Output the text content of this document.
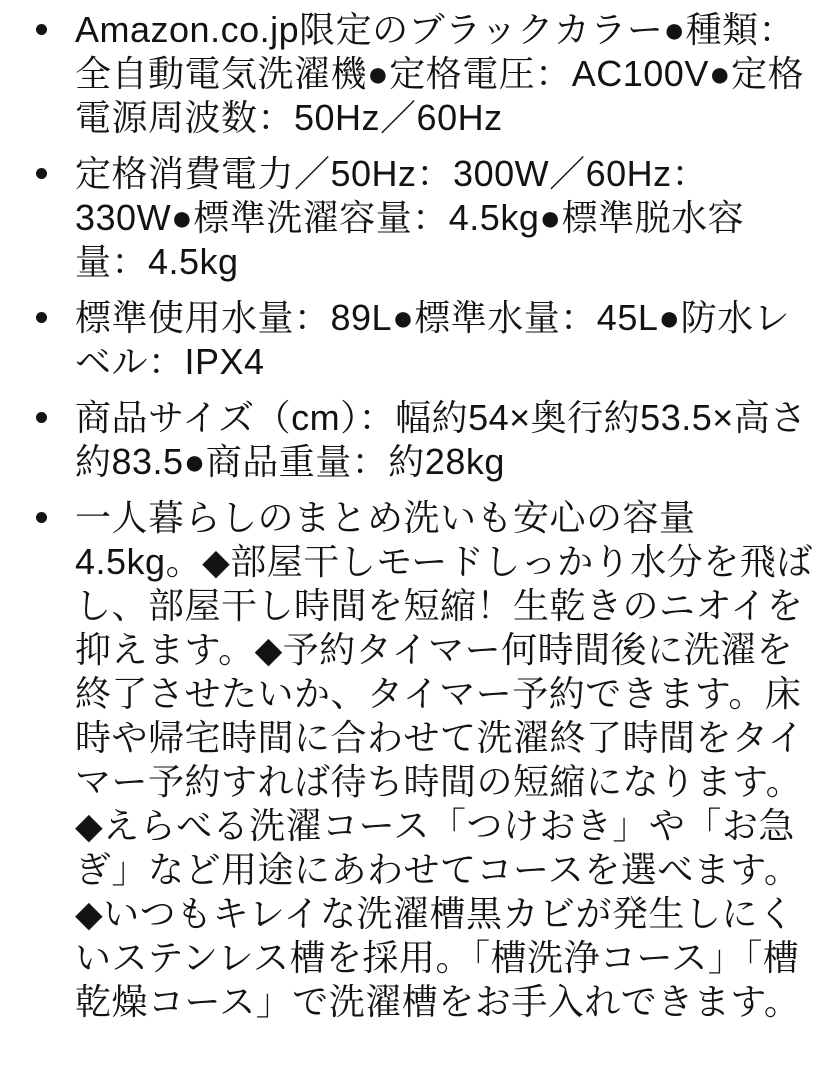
Amazon.co.jp限定のブラックカラー●種類：全自動電気洗濯機●定格電圧：AC100V●定格電源周波数：50Hz／60Hz
定格消費電力／50Hz：300W／60Hz：330W●標準洗濯容量：4.5kg●標準脱水容量：4.5kg
標準使用水量：89L●標準水量：45L●防水レベル：IPX4
商品サイズ（cm）：幅約54×奥行約53.5×高さ約83.5●商品重量：約28kg
一人暮らしのまとめ洗いも安心の容量4.5kg。◆部屋干しモードしっかり水分を飛ばし、部屋干し時間を短縮！生乾きのニオイを抑えます。◆予約タイマー何時間後に洗濯を終了させたいか、タイマー予約できます。床時や帰宅時間に合わせて洗濯終了時間をタイマー予約すれば待ち時間の短縮になります。◆えらべる洗濯コース「つけおき」や「お急ぎ」など用途にあわせてコースを選べます。◆いつもキレイな洗濯槽黒カビが発生しにくいステンレス槽を採用。「槽洗浄コース」「槽乾燥コース」で洗濯槽をお手入れできます。
